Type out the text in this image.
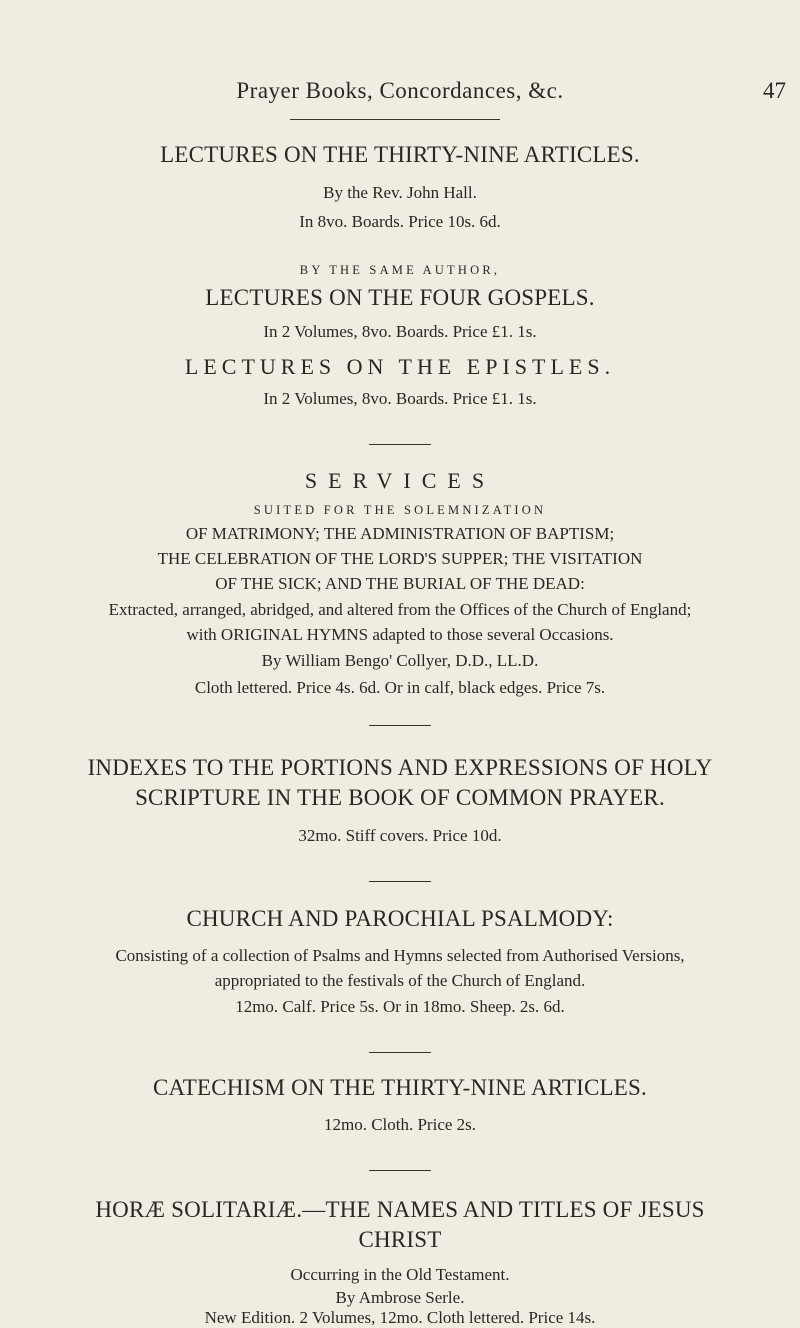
Prayer Books, Concordances, &c.	47
LECTURES ON THE THIRTY-NINE ARTICLES.
By the Rev. John Hall.
In 8vo. Boards. Price 10s. 6d.
BY THE SAME AUTHOR,
LECTURES ON THE FOUR GOSPELS.
In 2 Volumes, 8vo. Boards. Price £1. 1s.
LECTURES ON THE EPISTLES.
In 2 Volumes, 8vo. Boards. Price £1. 1s.
SERVICES
SUITED FOR THE SOLEMNIZATION
OF MATRIMONY; THE ADMINISTRATION OF BAPTISM;
THE CELEBRATION OF THE LORD'S SUPPER; THE VISITATION
OF THE SICK; AND THE BURIAL OF THE DEAD:
Extracted, arranged, abridged, and altered from the Offices of the Church of England;
with ORIGINAL HYMNS adapted to those several Occasions.
By William Bengo' Collyer, D.D., LL.D.
Cloth lettered. Price 4s. 6d. Or in calf, black edges. Price 7s.
INDEXES TO THE PORTIONS AND EXPRESSIONS OF HOLY
SCRIPTURE IN THE BOOK OF COMMON PRAYER.
32mo. Stiff covers. Price 10d.
CHURCH AND PAROCHIAL PSALMODY:
Consisting of a collection of Psalms and Hymns selected from Authorised Versions,
appropriated to the festivals of the Church of England.
12mo. Calf. Price 5s. Or in 18mo. Sheep. 2s. 6d.
CATECHISM ON THE THIRTY-NINE ARTICLES.
12mo. Cloth. Price 2s.
HORÆ SOLITARIÆ.—THE NAMES AND TITLES OF JESUS
CHRIST
Occurring in the Old Testament.
By Ambrose Serle.
New Edition. 2 Volumes, 12mo. Cloth lettered. Price 14s.
